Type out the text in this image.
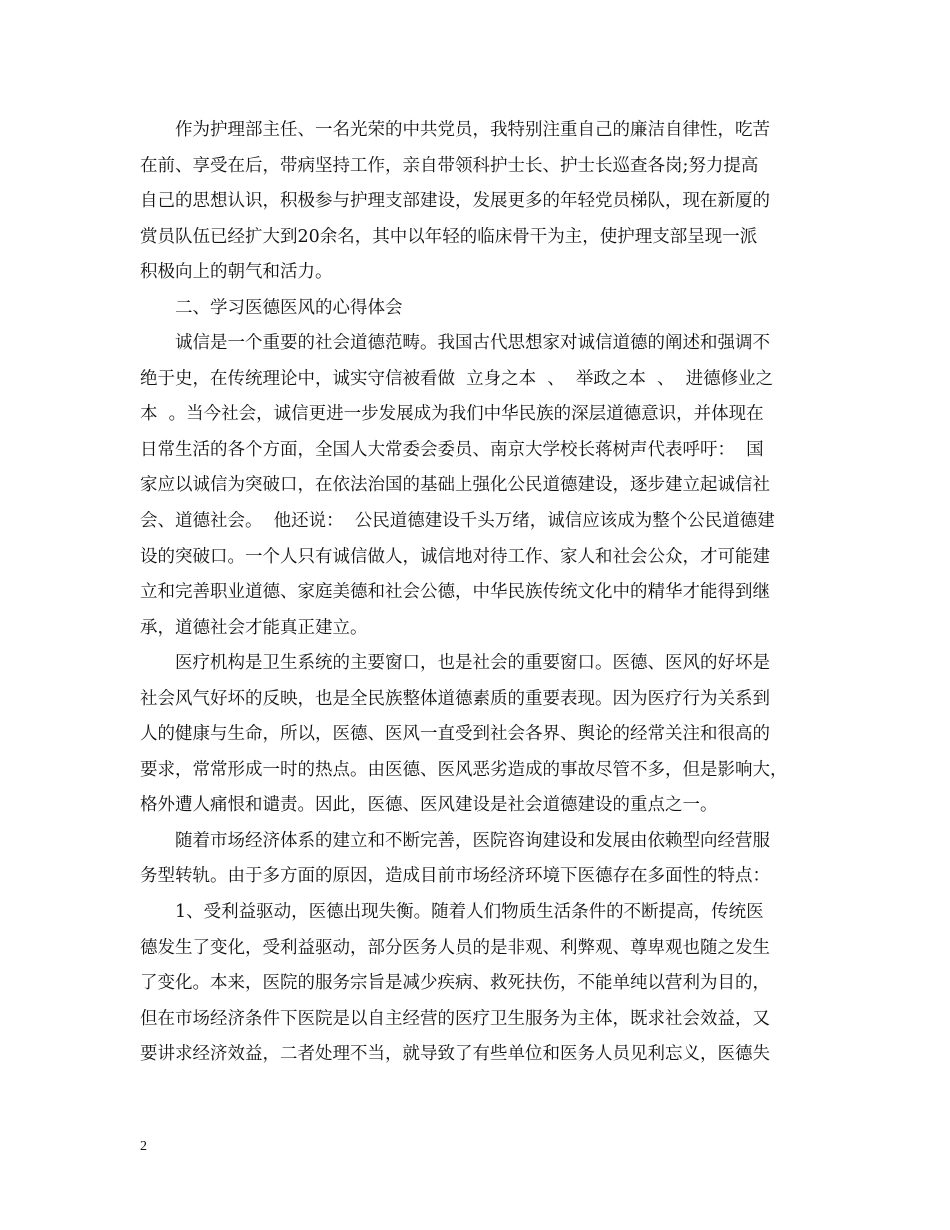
　　作为护理部主任、一名光荣的中共党员，我特别注重自己的廉洁自律性，吃苦
在前、享受在后，带病坚持工作，亲自带领科护士长、护士长巡查各岗;努力提高
自己的思想认识，积极参与护理支部建设，发展更多的年轻党员梯队，现在新厦的
赏员队伍已经扩大到20余名，其中以年轻的临床骨干为主，使护理支部呈现一派
积极向上的朝气和活力。
　　二、学习医德医风的心得体会
　　诚信是一个重要的社会道德范畴。我国古代思想家对诚信道德的阐述和强调不
绝于史，在传统理论中，诚实守信被看做  立身之本  、  举政之本  、  进德修业之
本  。当今社会，诚信更进一步发展成为我们中华民族的深层道德意识，并体现在
日常生活的各个方面，全国人大常委会委员、南京大学校长蒋树声代表呼吁：  国
家应以诚信为突破口，在依法治国的基础上强化公民道德建设，逐步建立起诚信社
会、道德社会。  他还说：  公民道德建设千头万绪，诚信应该成为整个公民道德建
设的突破口。一个人只有诚信做人，诚信地对待工作、家人和社会公众，才可能建
立和完善职业道德、家庭美德和社会公德，中华民族传统文化中的精华才能得到继
承，道德社会才能真正建立。
　　医疗机构是卫生系统的主要窗口，也是社会的重要窗口。医德、医风的好坏是
社会风气好坏的反映，也是全民族整体道德素质的重要表现。因为医疗行为关系到
人的健康与生命，所以，医德、医风一直受到社会各界、舆论的经常关注和很高的
要求，常常形成一时的热点。由医德、医风恶劣造成的事故尽管不多，但是影响大，
格外遭人痛恨和谴责。因此，医德、医风建设是社会道德建设的重点之一。
　　随着市场经济体系的建立和不断完善，医院咨询建设和发展由依赖型向经营服
务型转轨。由于多方面的原因，造成目前市场经济环境下医德存在多面性的特点：
　　1、受利益驱动，医德出现失衡。随着人们物质生活条件的不断提高，传统医
德发生了变化，受利益驱动，部分医务人员的是非观、利弊观、尊卑观也随之发生
了变化。本来，医院的服务宗旨是减少疾病、救死扶伤，不能单纯以营利为目的，
但在市场经济条件下医院是以自主经营的医疗卫生服务为主体，既求社会效益，又
要讲求经济效益，二者处理不当，就导致了有些单位和医务人员见利忘义，医德失
2
